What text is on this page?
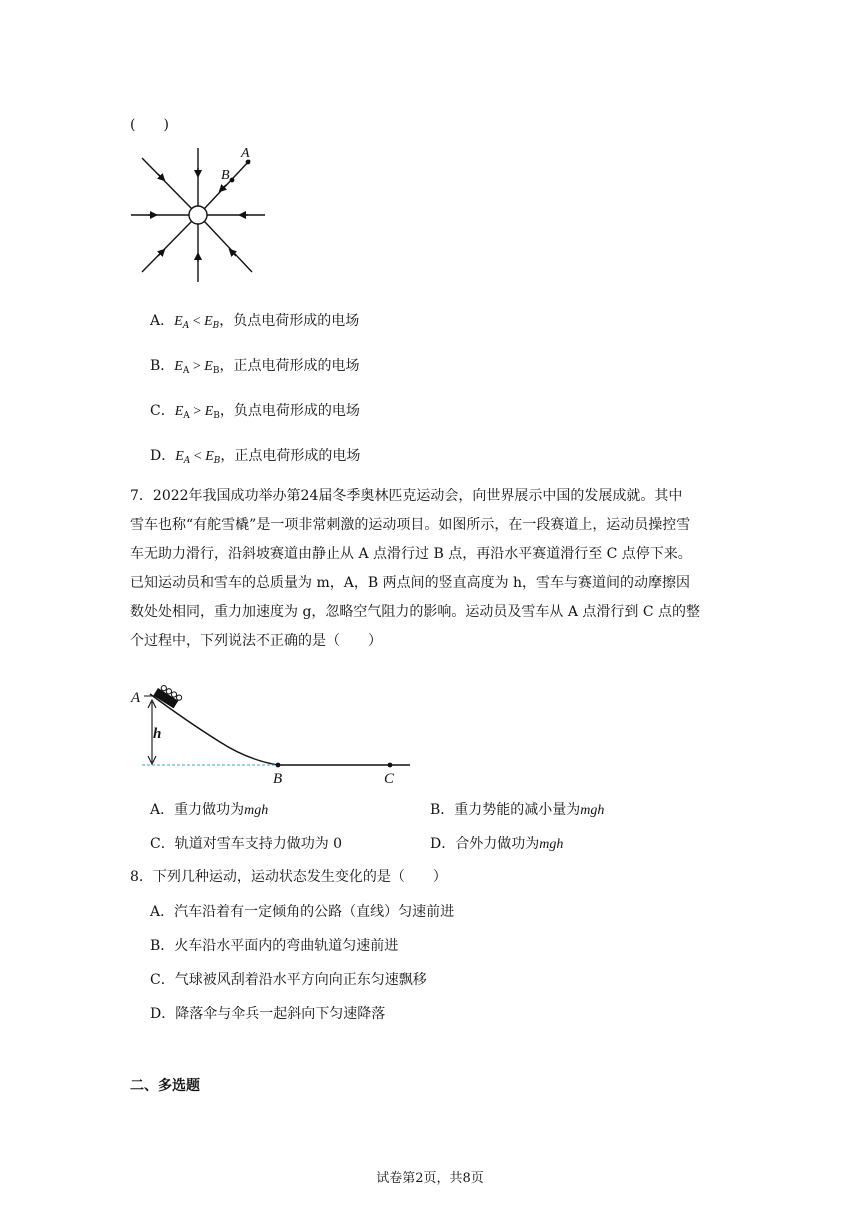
(　　)
A
B
A．$E_A < E_B$，负点电荷形成的电场
B．$E_A > E_B$，正点电荷形成的电场
C．$E_A > E_B$，负点电荷形成的电场
D．$E_A < E_B$，正点电荷形成的电场
7．2022年我国成功举办第24届冬季奥林匹克运动会，向世界展示中国的发展成就。其中
雪车也称“有舵雪橇”是一项非常刺激的运动项目。如图所示，在一段赛道上，运动员操控雪
车无助力滑行，沿斜坡赛道由静止从 A 点滑行过 B 点，再沿水平赛道滑行至 C 点停下来。
已知运动员和雪车的总质量为 m，A，B 两点间的竖直高度为 h，雪车与赛道间的动摩擦因
数处处相同，重力加速度为 g，忽略空气阻力的影响。运动员及雪车从 A 点滑行到 C 点的整
个过程中，下列说法不正确的是（　　）
A
h
B	C
A．重力做功为mgh	B．重力势能的减小量为mgh
C．轨道对雪车支持力做功为 0	D．合外力做功为mgh
8．下列几种运动，运动状态发生变化的是（　　）
A．汽车沿着有一定倾角的公路（直线）匀速前进
B．火车沿水平面内的弯曲轨道匀速前进
C．气球被风刮着沿水平方向向正东匀速飘移
D．降落伞与伞兵一起斜向下匀速降落
二、多选题
试卷第2页，共8页
